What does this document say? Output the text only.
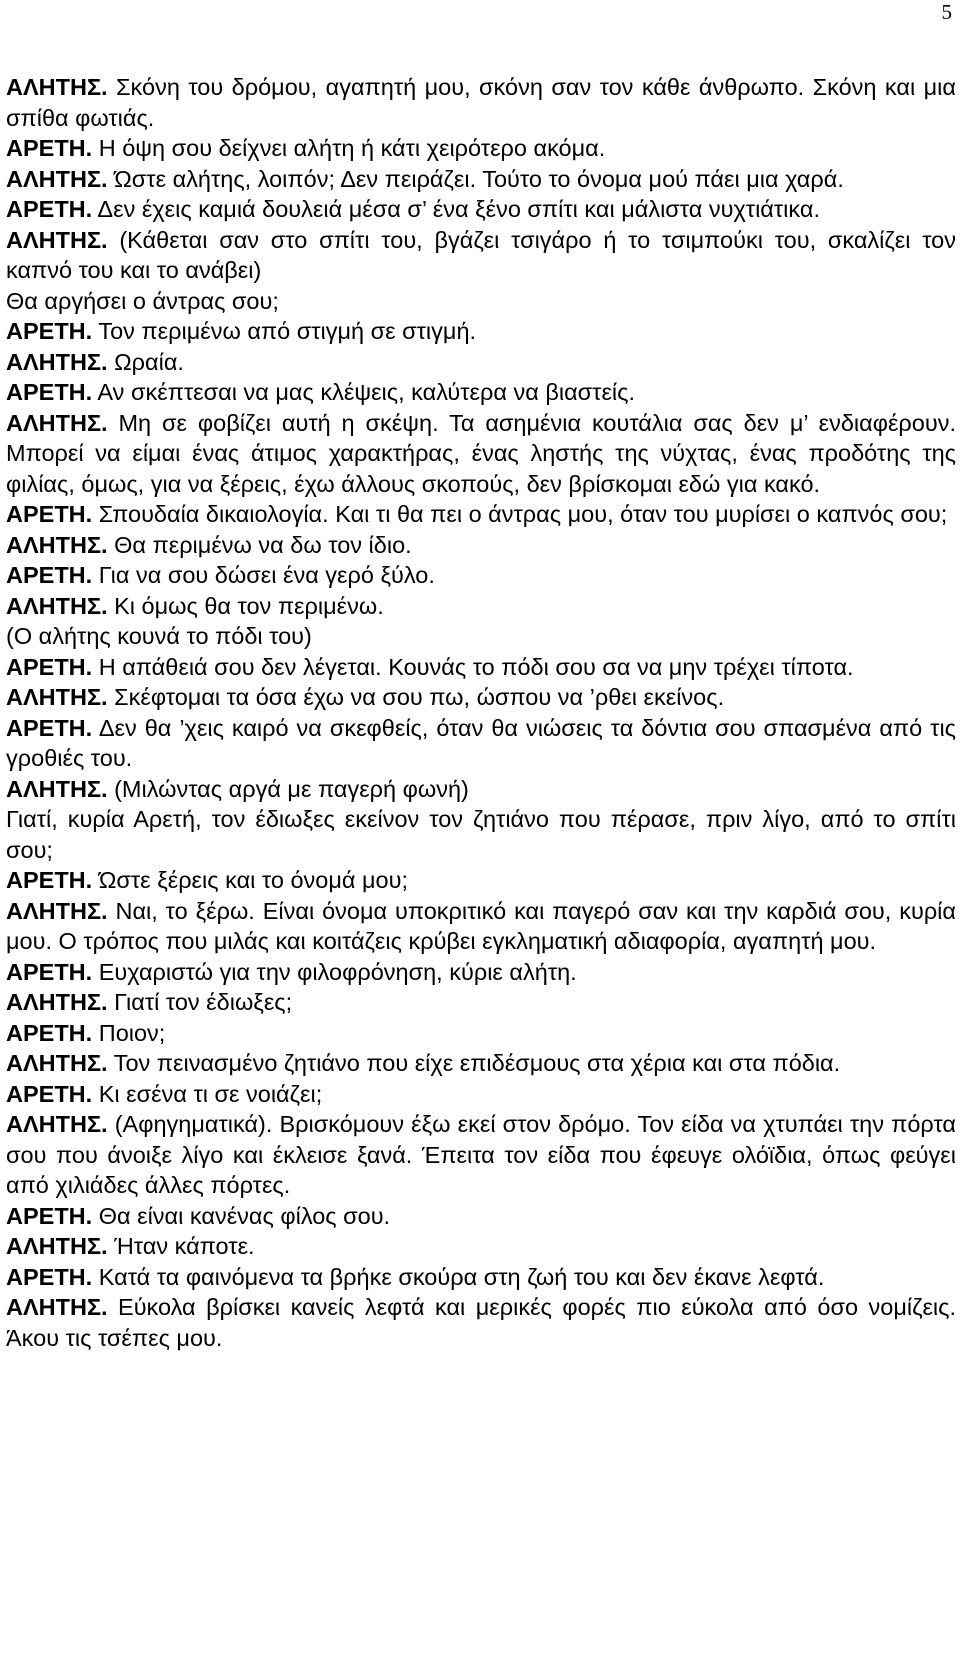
5

ΑΛΗΤΗΣ. Σκόνη του δρόμου, αγαπητή μου, σκόνη σαν τον κάθε άνθρωπο. Σκόνη και μια σπίθα φωτιάς.

ΑΡΕΤΗ. Η όψη σου δείχνει αλήτη ή κάτι χειρότερο ακόμα.

ΑΛΗΤΗΣ. Ώστε αλήτης, λοιπόν; Δεν πειράζει. Τούτο το όνομα μού πάει μια χαρά.

ΑΡΕΤΗ. Δεν έχεις καμιά δουλειά μέσα σ’ ένα ξένο σπίτι και μάλιστα νυχτιάτικα.

ΑΛΗΤΗΣ. (Κάθεται σαν στο σπίτι του, βγάζει τσιγάρο ή το τσιμπούκι του, σκαλίζει τον καπνό του και το ανάβει)

Θα αργήσει ο άντρας σου;

ΑΡΕΤΗ. Τον περιμένω από στιγμή σε στιγμή.

ΑΛΗΤΗΣ. Ωραία.

ΑΡΕΤΗ. Αν σκέπτεσαι να μας κλέψεις, καλύτερα να βιαστείς.

ΑΛΗΤΗΣ. Μη σε φοβίζει αυτή η σκέψη. Τα ασημένια κουτάλια σας δεν μ’ ενδιαφέρουν. Μπορεί να είμαι ένας άτιμος χαρακτήρας, ένας ληστής της νύχτας, ένας προδότης της φιλίας, όμως, για να ξέρεις, έχω άλλους σκοπούς, δεν βρίσκομαι εδώ για κακό.

ΑΡΕΤΗ. Σπουδαία δικαιολογία. Και τι θα πει ο άντρας μου, όταν του μυρίσει ο καπνός σου;

ΑΛΗΤΗΣ. Θα περιμένω να δω τον ίδιο.

ΑΡΕΤΗ. Για να σου δώσει ένα γερό ξύλο.

ΑΛΗΤΗΣ. Κι όμως θα τον περιμένω.

(Ο αλήτης κουνά το πόδι του)

ΑΡΕΤΗ. Η απάθειά σου δεν λέγεται. Κουνάς το πόδι σου σα να μην τρέχει τίποτα.

ΑΛΗΤΗΣ. Σκέφτομαι τα όσα έχω να σου πω, ώσπου να ’ρθει εκείνος.

ΑΡΕΤΗ. Δεν θα ’χεις καιρό να σκεφθείς, όταν θα νιώσεις τα δόντια σου σπασμένα από τις γροθιές του.

ΑΛΗΤΗΣ. (Μιλώντας αργά με παγερή φωνή)

Γιατί, κυρία Αρετή, τον έδιωξες εκείνον τον ζητιάνο που πέρασε, πριν λίγο, από το σπίτι σου;

ΑΡΕΤΗ. Ώστε ξέρεις και το όνομά μου;

ΑΛΗΤΗΣ. Ναι, το ξέρω. Είναι όνομα υποκριτικό και παγερό σαν και την καρδιά σου, κυρία μου. Ο τρόπος που μιλάς και κοιτάζεις κρύβει εγκληματική αδιαφορία, αγαπητή μου.

ΑΡΕΤΗ. Ευχαριστώ για την φιλοφρόνηση, κύριε αλήτη.

ΑΛΗΤΗΣ. Γιατί τον έδιωξες;

ΑΡΕΤΗ. Ποιον;

ΑΛΗΤΗΣ. Τον πεινασμένο ζητιάνο που είχε επιδέσμους στα χέρια και στα πόδια.

ΑΡΕΤΗ. Κι εσένα τι σε νοιάζει;

ΑΛΗΤΗΣ. (Αφηγηματικά). Βρισκόμουν έξω εκεί στον δρόμο. Τον είδα να χτυπάει την πόρτα σου που άνοιξε λίγο και έκλεισε ξανά. Έπειτα τον είδα που έφευγε ολόϊδια, όπως φεύγει από χιλιάδες άλλες πόρτες.

ΑΡΕΤΗ. Θα είναι κανένας φίλος σου.

ΑΛΗΤΗΣ. Ήταν κάποτε.

ΑΡΕΤΗ. Κατά τα φαινόμενα τα βρήκε σκούρα στη ζωή του και δεν έκανε λεφτά.

ΑΛΗΤΗΣ. Εύκολα βρίσκει κανείς λεφτά και μερικές φορές πιο εύκολα από όσο νομίζεις. Άκου τις τσέπες μου.
